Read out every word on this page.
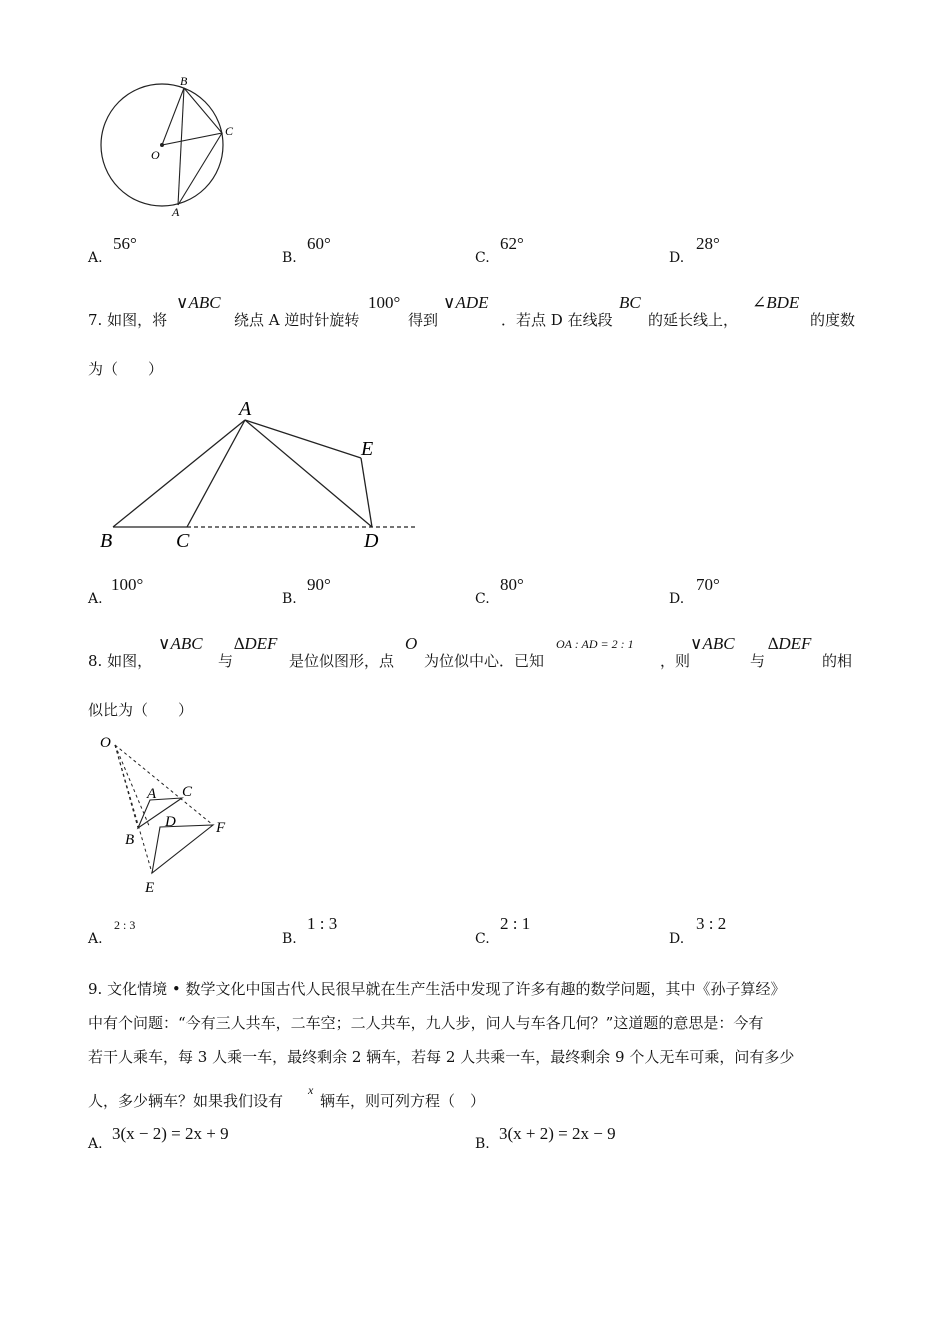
B
C
O
A
A.
56°
B.
60°
C.
62°
D.
28°
7. 如图，将
∨ABC
绕点 A 逆时针旋转
100°
得到
∨ADE
．若点 D 在线段
BC
的延长线上，
∠BDE
的度数
为（　　）
A
E
B	C	D
A.
100°
B.
90°
C.
80°
D.
70°
8. 如图，
∨ABC
与
∆DEF
是位似图形，点
O
为位似中心．已知
OA : AD = 2 : 1
，则
∨ABC
与
∆DEF
的相
似比为（　　）
O
A C
D
B
F
E
A.
2 : 3
B.
1 : 3
C.
2 : 1
D.
3 : 2
9. 文化情境 • 数学文化中国古代人民很早就在生产生活中发现了许多有趣的数学问题，其中《孙子算经》
中有个问题：“今有三人共车，二车空；二人共车，九人步，问人与车各几何？”这道题的意思是：今有
若干人乘车，每 3 人乘一车，最终剩余 2 辆车，若每 2 人共乘一车，最终剩余 9 个人无车可乘，问有多少
人，多少辆车？如果我们设有
x
辆车，则可列方程（　）
A.
3(x − 2) = 2x + 9
B.
3(x + 2) = 2x − 9
